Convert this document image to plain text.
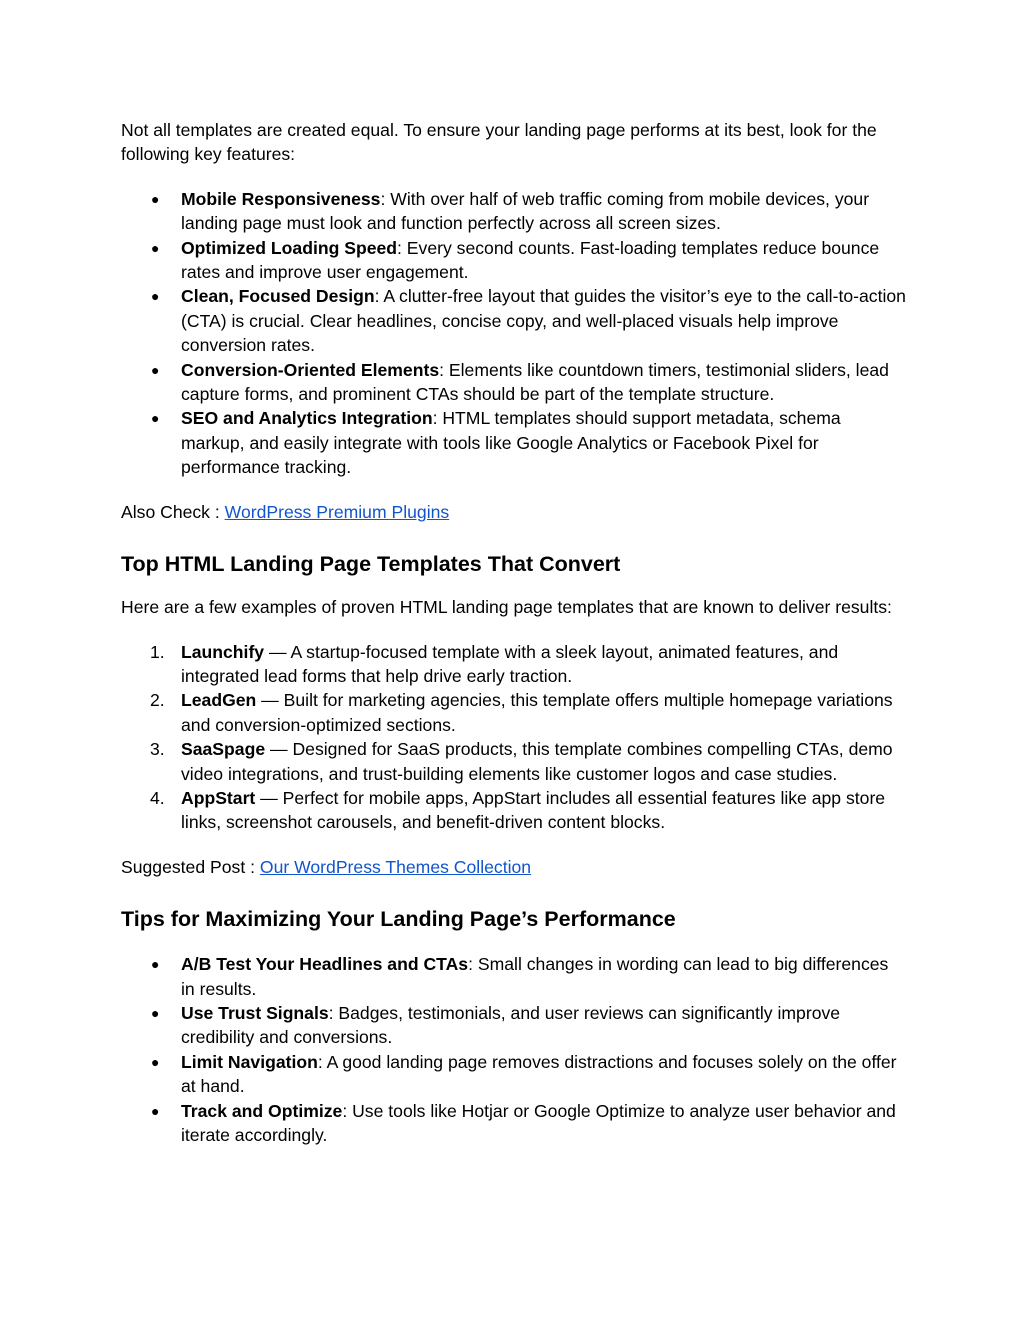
Not all templates are created equal. To ensure your landing page performs at its best, look for the following key features:

● Mobile Responsiveness: With over half of web traffic coming from mobile devices, your landing page must look and function perfectly across all screen sizes.
● Optimized Loading Speed: Every second counts. Fast-loading templates reduce bounce rates and improve user engagement.
● Clean, Focused Design: A clutter-free layout that guides the visitor’s eye to the call-to-action (CTA) is crucial. Clear headlines, concise copy, and well-placed visuals help improve conversion rates.
● Conversion-Oriented Elements: Elements like countdown timers, testimonial sliders, lead capture forms, and prominent CTAs should be part of the template structure.
● SEO and Analytics Integration: HTML templates should support metadata, schema markup, and easily integrate with tools like Google Analytics or Facebook Pixel for performance tracking.

Also Check : WordPress Premium Plugins

Top HTML Landing Page Templates That Convert

Here are a few examples of proven HTML landing page templates that are known to deliver results:

1. Launchify — A startup-focused template with a sleek layout, animated features, and integrated lead forms that help drive early traction.
2. LeadGen — Built for marketing agencies, this template offers multiple homepage variations and conversion-optimized sections.
3. SaaSpage — Designed for SaaS products, this template combines compelling CTAs, demo video integrations, and trust-building elements like customer logos and case studies.
4. AppStart — Perfect for mobile apps, AppStart includes all essential features like app store links, screenshot carousels, and benefit-driven content blocks.

Suggested Post : Our WordPress Themes Collection

Tips for Maximizing Your Landing Page’s Performance
● A/B Test Your Headlines and CTAs: Small changes in wording can lead to big differences in results.
● Use Trust Signals: Badges, testimonials, and user reviews can significantly improve credibility and conversions.
● Limit Navigation: A good landing page removes distractions and focuses solely on the offer at hand.
● Track and Optimize: Use tools like Hotjar or Google Optimize to analyze user behavior and iterate accordingly.
